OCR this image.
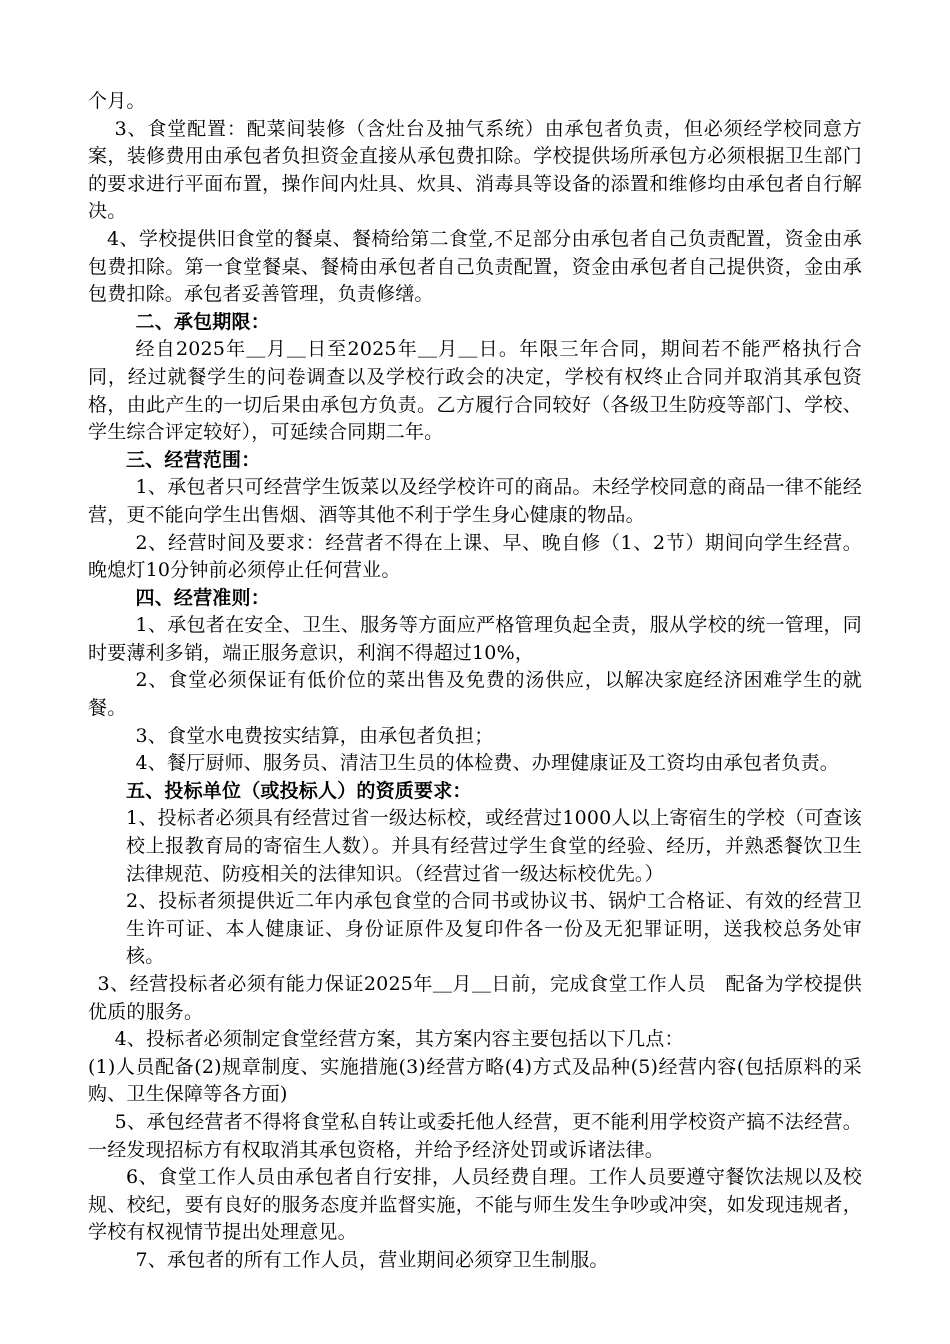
个月。

3、食堂配置：配菜间装修（含灶台及抽气系统）由承包者负责，但必须经学校同意方案，装修费用由承包者负担资金直接从承包费扣除。学校提供场所承包方必须根据卫生部门的要求进行平面布置，操作间内灶具、炊具、消毒具等设备的添置和维修均由承包者自行解决。

4、学校提供旧食堂的餐桌、餐椅给第二食堂,不足部分由承包者自己负责配置，资金由承包费扣除。第一食堂餐桌、餐椅由承包者自己负责配置，资金由承包者自己提供资，金由承包费扣除。承包者妥善管理，负责修缮。

二、承包期限：

经自2025年＿月＿日至2025年＿月＿日。年限三年合同，期间若不能严格执行合同，经过就餐学生的问卷调查以及学校行政会的决定，学校有权终止合同并取消其承包资格，由此产生的一切后果由承包方负责。乙方履行合同较好（各级卫生防疫等部门、学校、学生综合评定较好），可延续合同期二年。

三、经营范围：

1、承包者只可经营学生饭菜以及经学校许可的商品。未经学校同意的商品一律不能经营，更不能向学生出售烟、酒等其他不利于学生身心健康的物品。

2、经营时间及要求：经营者不得在上课、早、晚自修（1、2节）期间向学生经营。晚熄灯10分钟前必须停止任何营业。

四、经营准则：

1、承包者在安全、卫生、服务等方面应严格管理负起全责，服从学校的统一管理，同时要薄利多销，端正服务意识，利润不得超过10%，

2、食堂必须保证有低价位的菜出售及免费的汤供应，以解决家庭经济困难学生的就餐。

3、食堂水电费按实结算，由承包者负担；

4、餐厅厨师、服务员、清洁卫生员的体检费、办理健康证及工资均由承包者负责。

五、投标单位（或投标人）的资质要求：

1、投标者必须具有经营过省一级达标校，或经营过1000人以上寄宿生的学校（可查该校上报教育局的寄宿生人数）。并具有经营过学生食堂的经验、经历，并熟悉餐饮卫生法律规范、防疫相关的法律知识。（经营过省一级达标校优先。）

2、投标者须提供近二年内承包食堂的合同书或协议书、锅炉工合格证、有效的经营卫生许可证、本人健康证、身份证原件及复印件各一份及无犯罪证明，送我校总务处审核。

3、经营投标者必须有能力保证2025年＿月＿日前，完成食堂工作人员　配备为学校提供优质的服务。

4、投标者必须制定食堂经营方案，其方案内容主要包括以下几点：

(1)人员配备(2)规章制度、实施措施(3)经营方略(4)方式及品种(5)经营内容(包括原料的采购、卫生保障等各方面)

5、承包经营者不得将食堂私自转让或委托他人经营，更不能利用学校资产搞不法经营。一经发现招标方有权取消其承包资格，并给予经济处罚或诉诸法律。

6、食堂工作人员由承包者自行安排，人员经费自理。工作人员要遵守餐饮法规以及校规、校纪，要有良好的服务态度并监督实施，不能与师生发生争吵或冲突，如发现违规者，学校有权视情节提出处理意见。

7、承包者的所有工作人员，营业期间必须穿卫生制服。
